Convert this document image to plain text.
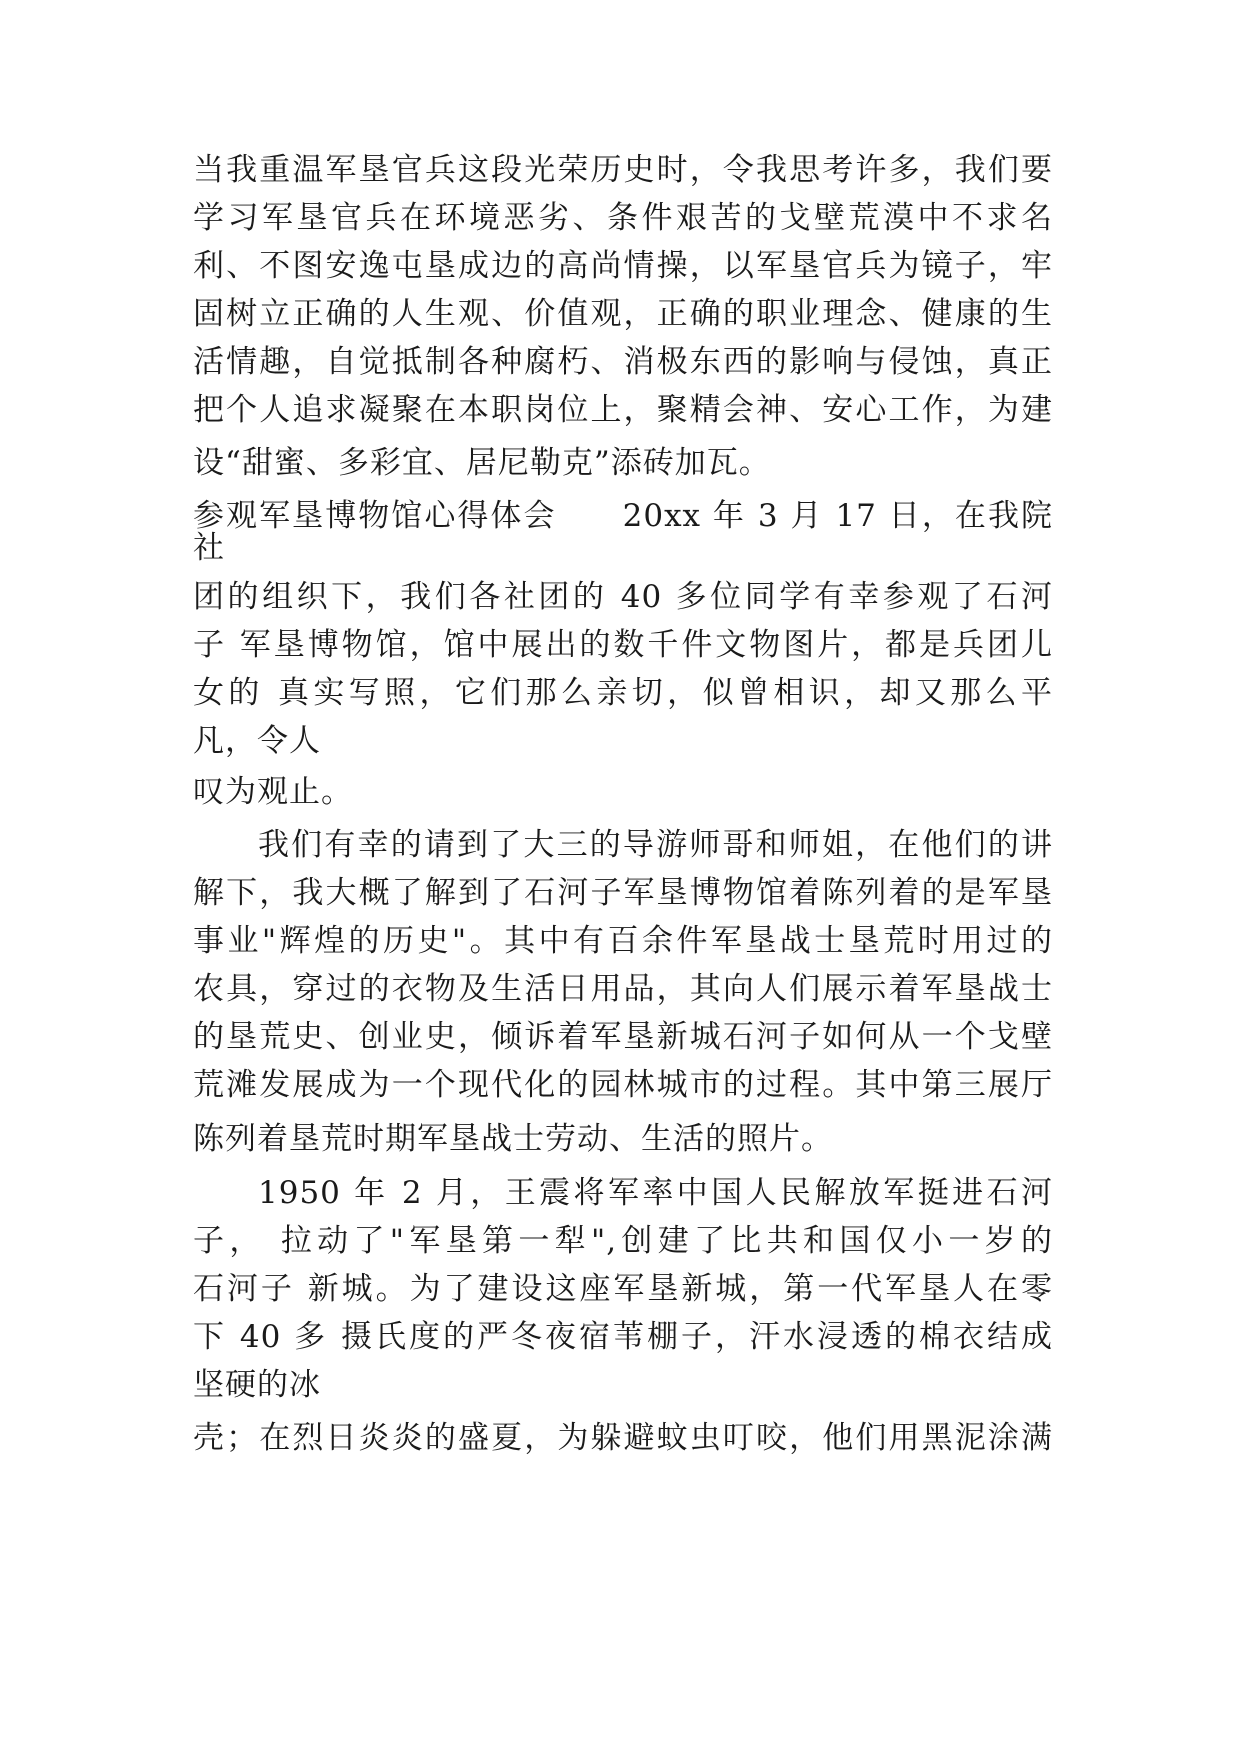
当我重温军垦官兵这段光荣历史时，令我思考许多，我们要
学习军垦官兵在环境恶劣、条件艰苦的戈壁荒漠中不求名
利、不图安逸屯垦成边的高尚情操，以军垦官兵为镜子，牢
固树立正确的人生观、价值观，正确的职业理念、健康的生
活情趣，自觉抵制各种腐朽、消极东西的影响与侵蚀，真正
把个人追求凝聚在本职岗位上，聚精会神、安心工作，为建
设“甜蜜、多彩宜、居尼勒克”添砖加瓦。
参观军垦博物馆心得体会　　20xx 年 3 月 17 日，在我院
社
团的组织下，我们各社团的 40 多位同学有幸参观了石河
子 军垦博物馆，馆中展出的数千件文物图片，都是兵团儿
女的 真实写照，它们那么亲切，似曾相识，却又那么平
凡，令人
叹为观止。
我们有幸的请到了大三的导游师哥和师姐，在他们的讲
解下，我大概了解到了石河子军垦博物馆着陈列着的是军垦
事业"辉煌的历史"。其中有百余件军垦战士垦荒时用过的
农具，穿过的衣物及生活日用品，其向人们展示着军垦战士
的垦荒史、创业史，倾诉着军垦新城石河子如何从一个戈壁
荒滩发展成为一个现代化的园林城市的过程。其中第三展厅
陈列着垦荒时期军垦战士劳动、生活的照片。
1950 年 2 月，王震将军率中国人民解放军挺进石河
子， 拉动了"军垦第一犁",创建了比共和国仅小一岁的
石河子 新城。为了建设这座军垦新城，第一代军垦人在零
下 40 多 摄氏度的严冬夜宿苇棚子，汗水浸透的棉衣结成
坚硬的冰
壳；在烈日炎炎的盛夏，为躲避蚊虫叮咬，他们用黑泥涂满
